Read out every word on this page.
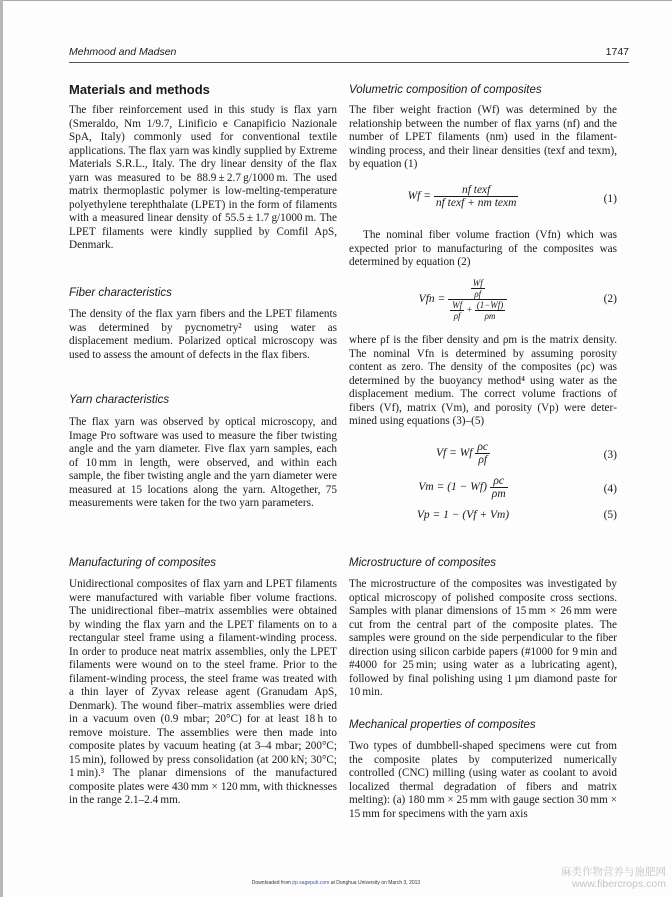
Mehmood and Madsen	1747
Materials and methods

The fiber reinforcement used in this study is flax yarn (Smeraldo, Nm 1/9.7, Linificio e Canapificio Nazionale SpA, Italy) commonly used for conventional textile applications. The flax yarn was kindly supplied by Extreme Materials S.R.L., Italy. The dry linear density of the flax yarn was measured to be 88.9 ± 2.7 g/1000 m. The used matrix thermoplastic polymer is low-melting-temperature polyethylene terephthalate (LPET) in the form of filaments with a measured linear density of 55.5 ± 1.7 g/1000 m. The LPET filaments were kindly supplied by Comfil ApS, Denmark.

Fiber characteristics

The density of the flax yarn fibers and the LPET filaments was determined by pycnometry² using water as displacement medium. Polarized optical microscopy was used to assess the amount of defects in the flax fibers.

Yarn characteristics

The flax yarn was observed by optical microscopy, and Image Pro software was used to measure the fiber twisting angle and the yarn diameter. Five flax yarn samples, each of 10 mm in length, were observed, and within each sample, the fiber twisting angle and the yarn diameter were measured at 15 locations along the yarn. Altogether, 75 measurements were taken for the two yarn parameters.

Manufacturing of composites

Unidirectional composites of flax yarn and LPET filaments were manufactured with variable fiber volume fractions. The unidirectional fiber–matrix assemblies were obtained by winding the flax yarn and the LPET filaments on to a rectangular steel frame using a filament-winding process. In order to produce neat matrix assemblies, only the LPET filaments were wound on to the steel frame. Prior to the filament-winding process, the steel frame was treated with a thin layer of Zyvax release agent (Granudam ApS, Denmark). The wound fiber–matrix assemblies were dried in a vacuum oven (0.9 mbar; 20°C) for at least 18 h to remove moisture. The assemblies were then made into composite plates by vacuum heating (at 3–4 mbar; 200°C; 15 min), followed by press consolidation (at 200 kN; 30°C; 1 min).³ The planar dimensions of the manufactured composite plates were 430 mm × 120 mm, with thicknesses in the range 2.1–2.4 mm.

Volumetric composition of composites

The fiber weight fraction (Wf) was determined by the relationship between the number of flax yarns (nf) and the number of LPET filaments (nm) used in the filament-winding process, and their linear densities (texf and texm), by equation (1)

$Wf = \frac{\text{nf texf}}{\text{nf texf + nm texm}}$	(1)

The nominal fiber volume fraction (Vfn) which was expected prior to manufacturing of the composites was determined by equation (2)

Vfn = $\frac{\frac{Wf}{\rho f}}{\frac{Wf}{\rho f} + \frac{(1-Wf)}{\rho m}}$	(2)

where ρf is the fiber density and ρm is the matrix density. The nominal Vfn is determined by assuming porosity content as zero. The density of the composites (ρc) was determined by the buoyancy method⁴ using water as the displacement medium. The correct volume fractions of fibers (Vf), matrix (Vm), and porosity (Vp) were determined using equations (3)–(5)

Vf = Wf $\frac{\rho c}{\rho f}$	(3)
$Vm = (1 - Wf) \frac{\rho c}{\rho m}$	(4)
Vp = 1 − (Vf + Vm)	(5)
Microstructure of composites

The microstructure of the composites was investigated by optical microscopy of polished composite cross sections. Samples with planar dimensions of 15 mm × 26 mm were cut from the central part of the composite plates. The samples were ground on the side perpendicular to the fiber direction using silicon carbide papers (#1000 for 9 min and #4000 for 25 min; using water as a lubricating agent), followed by final polishing using 1 µm diamond paste for 10 min.

Mechanical properties of composites

Two types of dumbbell-shaped specimens were cut from the composite plates by computerized numerically controlled (CNC) milling (using water as coolant to avoid localized thermal degradation of fibers and matrix melting): (a) 180 mm × 25 mm with gauge section 30 mm × 15 mm for specimens with the yarn axis

Downloaded from jrp.sagepub.com at Donghua University on March 3, 2013
麻类作物营养与施肥网
www.fibercrops.com
